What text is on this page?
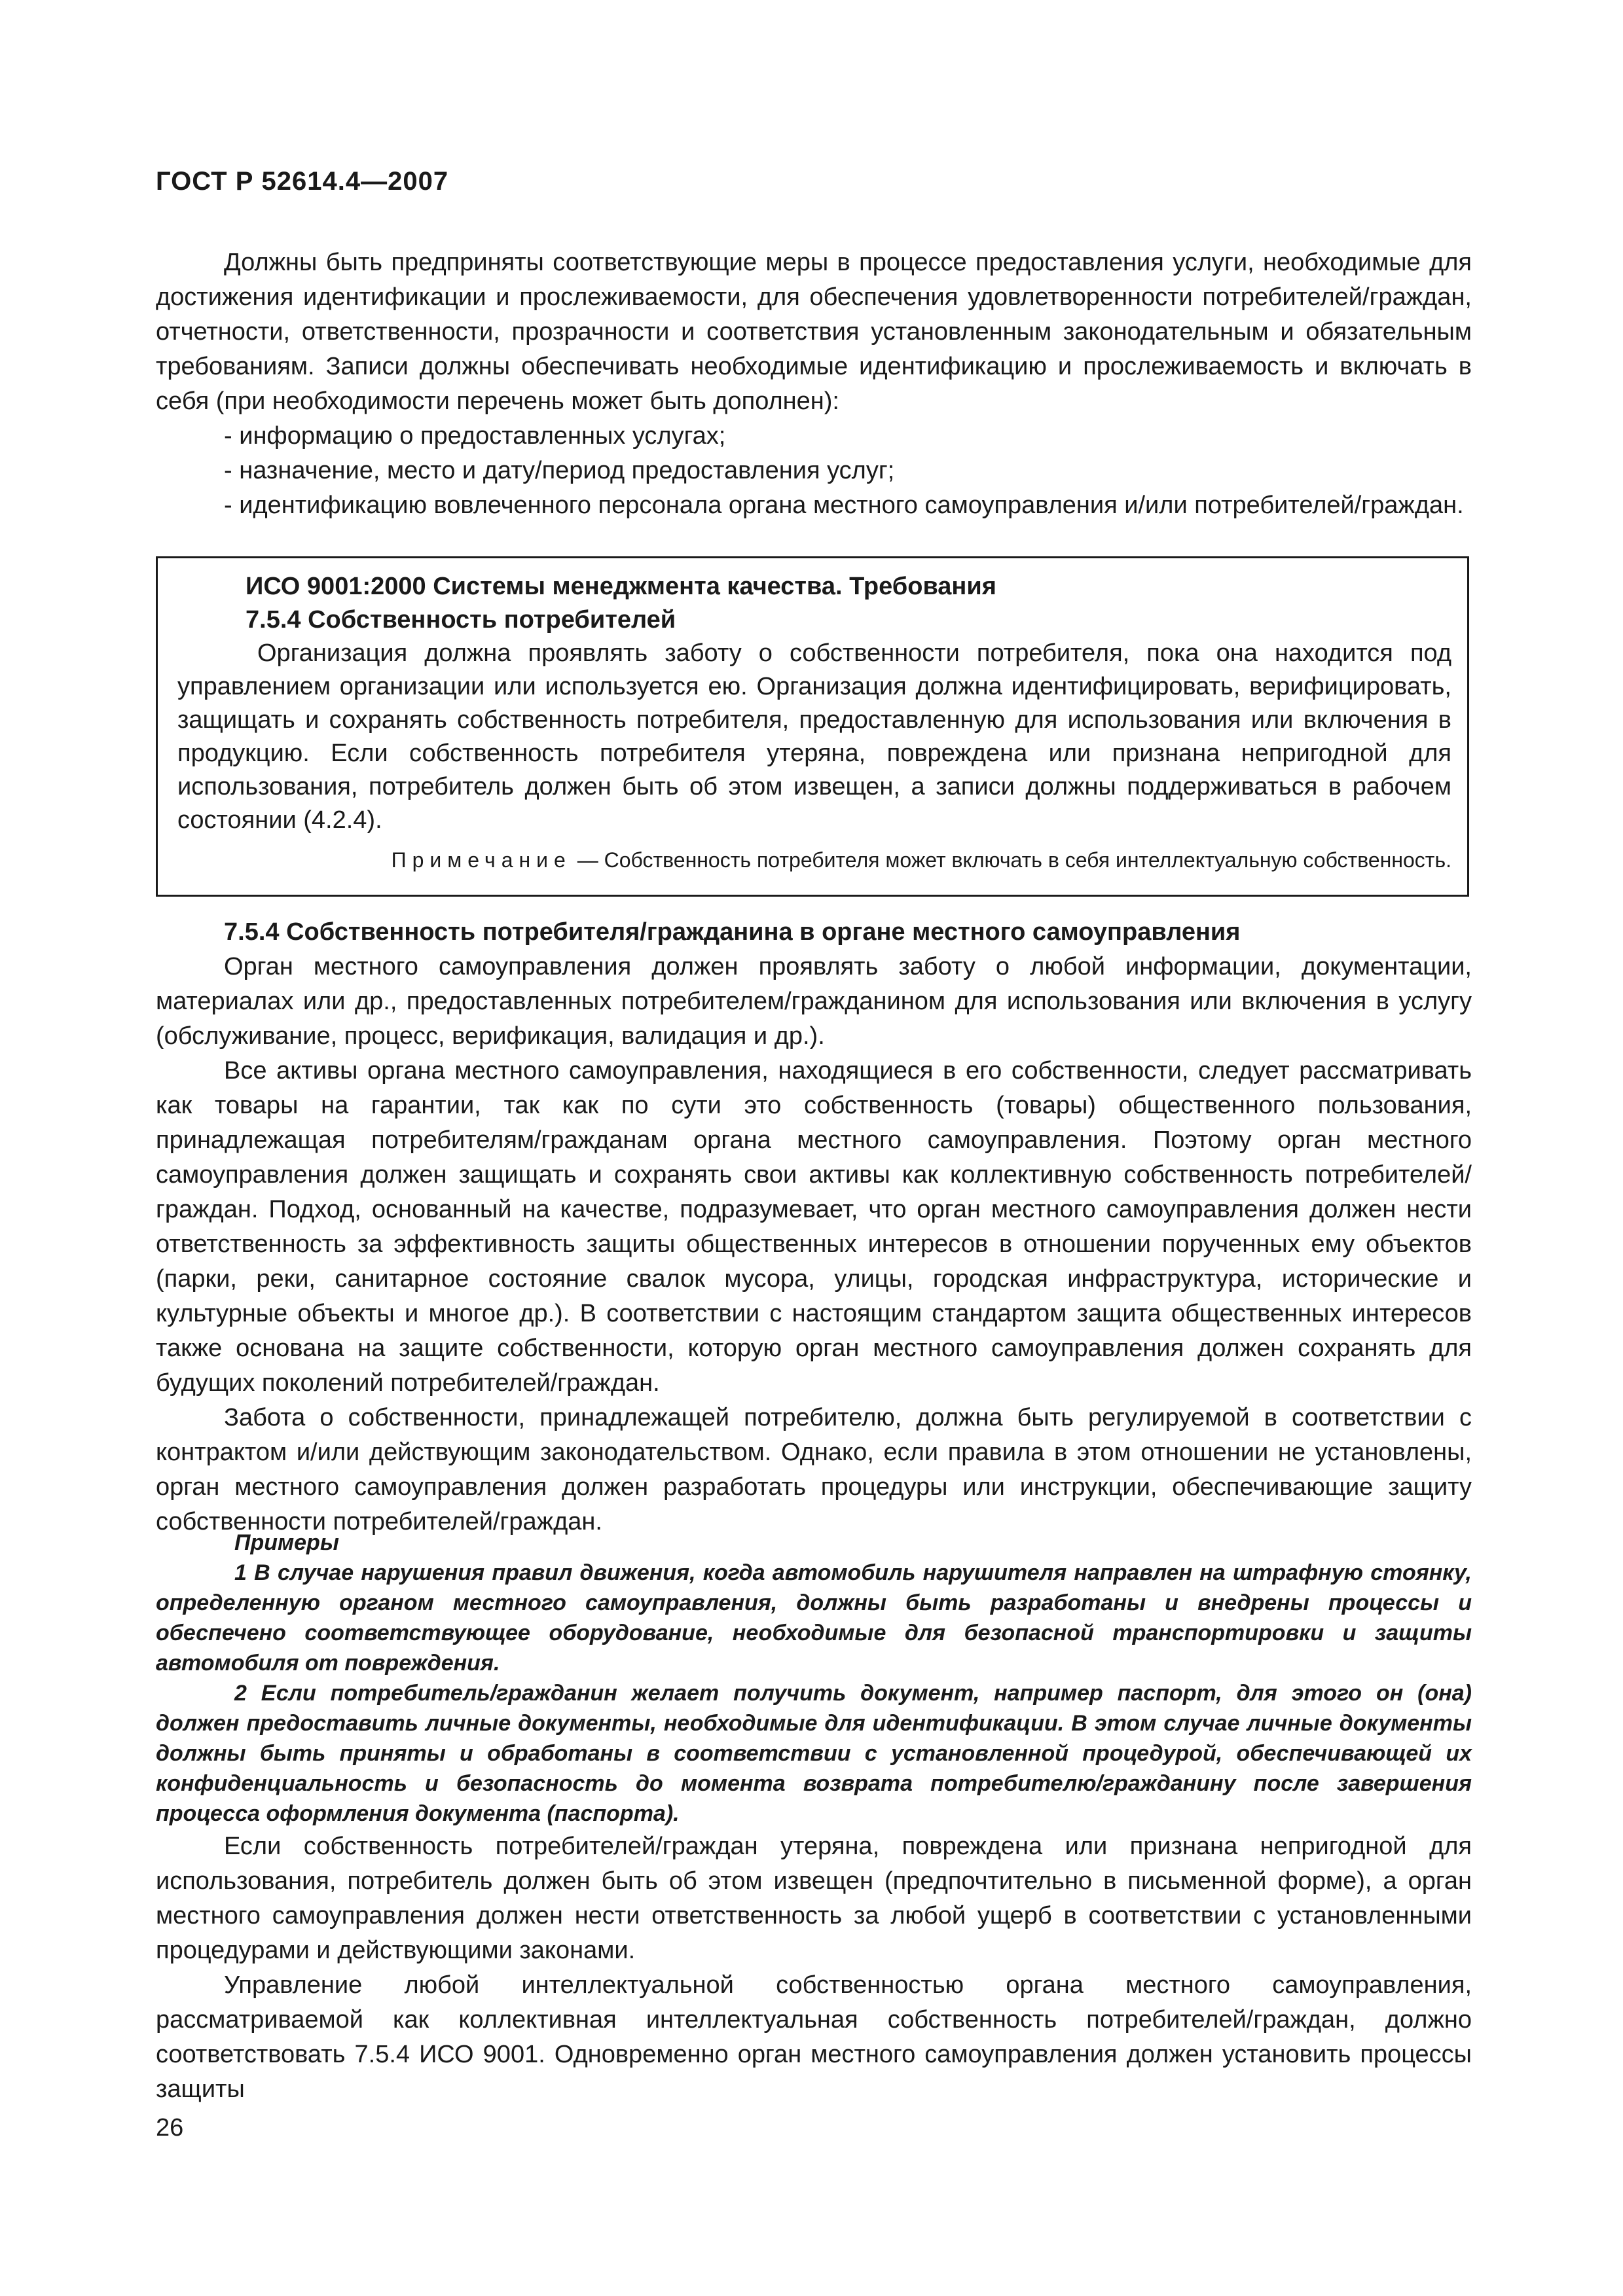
ГОСТ Р 52614.4—2007

Должны быть предприняты соответствующие меры в процессе предоставления услуги, необходимые для достижения идентификации и прослеживаемости, для обеспечения удовлетворенности потребителей/граждан, отчетности, ответственности, прозрачности и соответствия установленным законодательным и обязательным требованиям. Записи должны обеспечивать необходимые идентификацию и прослеживаемость и включать в себя (при необходимости перечень может быть дополнен):

- информацию о предоставленных услугах;

- назначение, место и дату/период предоставления услуг;

- идентификацию вовлеченного персонала органа местного самоуправления и/или потребителей/граждан.

ИСО 9001:2000 Системы менеджмента качества. Требования

7.5.4 Собственность потребителей

Организация должна проявлять заботу о собственности потребителя, пока она находится под управлением организации или используется ею. Организация должна идентифицировать, верифицировать, защищать и сохранять собственность потребителя, предоставленную для использования или включения в продукцию. Если собственность потребителя утеряна, повреждена или признана непригодной для использования, потребитель должен быть об этом извещен, а записи должны поддерживаться в рабочем состоянии (4.2.4).

Примечание — Собственность потребителя может включать в себя интеллектуальную собственность.

7.5.4 Собственность потребителя/гражданина в органе местного самоуправления

Орган местного самоуправления должен проявлять заботу о любой информации, документации, материалах или др., предоставленных потребителем/гражданином для использования или включения в услугу (обслуживание, процесс, верификация, валидация и др.).

Все активы органа местного самоуправления, находящиеся в его собственности, следует рассматривать как товары на гарантии, так как по сути это собственность (товары) общественного пользования, принадлежащая потребителям/гражданам органа местного самоуправления. Поэтому орган местного самоуправления должен защищать и сохранять свои активы как коллективную собственность потребителей/граждан. Подход, основанный на качестве, подразумевает, что орган местного самоуправления должен нести ответственность за эффективность защиты общественных интересов в отношении порученных ему объектов (парки, реки, санитарное состояние свалок мусора, улицы, городская инфраструктура, исторические и культурные объекты и многое др.). В соответствии с настоящим стандартом защита общественных интересов также основана на защите собственности, которую орган местного самоуправления должен сохранять для будущих поколений потребителей/граждан.

Забота о собственности, принадлежащей потребителю, должна быть регулируемой в соответствии с контрактом и/или действующим законодательством. Однако, если правила в этом отношении не установлены, орган местного самоуправления должен разработать процедуры или инструкции, обеспечивающие защиту собственности потребителей/граждан.

Примеры

1 В случае нарушения правил движения, когда автомобиль нарушителя направлен на штрафную стоянку, определенную органом местного самоуправления, должны быть разработаны и внедрены процессы и обеспечено соответствующее оборудование, необходимые для безопасной транспортировки и защиты автомобиля от повреждения.

2 Если потребитель/гражданин желает получить документ, например паспорт, для этого он (она) должен предоставить личные документы, необходимые для идентификации. В этом случае личные документы должны быть приняты и обработаны в соответствии с установленной процедурой, обеспечивающей их конфиденциальность и безопасность до момента возврата потребителю/гражданину после завершения процесса оформления документа (паспорта).

Если собственность потребителей/граждан утеряна, повреждена или признана непригодной для использования, потребитель должен быть об этом извещен (предпочтительно в письменной форме), а орган местного самоуправления должен нести ответственность за любой ущерб в соответствии с установленными процедурами и действующими законами.

Управление любой интеллектуальной собственностью органа местного самоуправления, рассматриваемой как коллективная интеллектуальная собственность потребителей/граждан, должно соответствовать 7.5.4 ИСО 9001. Одновременно орган местного самоуправления должен установить процессы защиты

26
